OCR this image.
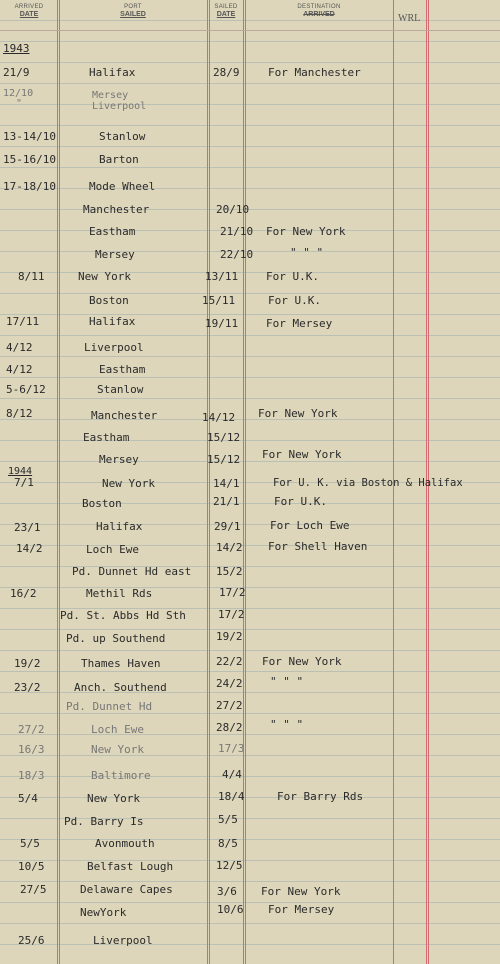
ARRIVED
DATE
PORT
SAILED
SAILED
DATE
DESTINATION
ARRIVED	WRL
1943
21/9	Halifax	28/9	For Manchester
12/10	Mersey
"	Liverpool
13-14/10	Stanlow
15-16/10	Barton
17-18/10	Mode Wheel
Manchester	20/10
Eastham	21/10 For New York
Mersey	22/10	" " "
8/11	New York	13/11	For U.K.
Boston	15/11	For U.K.
17/11	Halifax	19/11	For Mersey
4/12	Liverpool
4/12	Eastham
5-6/12	Stanlow
8/12	Manchester	14/12 For New York
Eastham	15/12
Mersey	15/12 For New York
1944
7/1	New York	14/1	For U. K. via Boston & Halifax
Boston	21/1	For U.K.
23/1	Halifax	29/1	For Loch Ewe
14/2	Loch Ewe	14/2 For Shell Haven
Pd. Dunnet Hd east 15/2
16/2	Methil Rds	17/2
Pd. St. Abbs Hd Sth	17/2
Pd. up Southend	19/2
19/2	Thames Haven	22/2 For New York
23/2	Anch. Southend	24/2	" " "
Pd. Dunnet Hd	27/2
27/2	Loch Ewe	28/2	" " "
16/3	New York	17/3
18/3	Baltimore	4/4
5/4	New York	18/4	For Barry Rds
Pd. Barry Is	5/5
5/5	Avonmouth	8/5
10/5	Belfast Lough	12/5
27/5	Delaware Capes	3/6 For New York
NewYork	10/6 For Mersey
25/6	Liverpool
